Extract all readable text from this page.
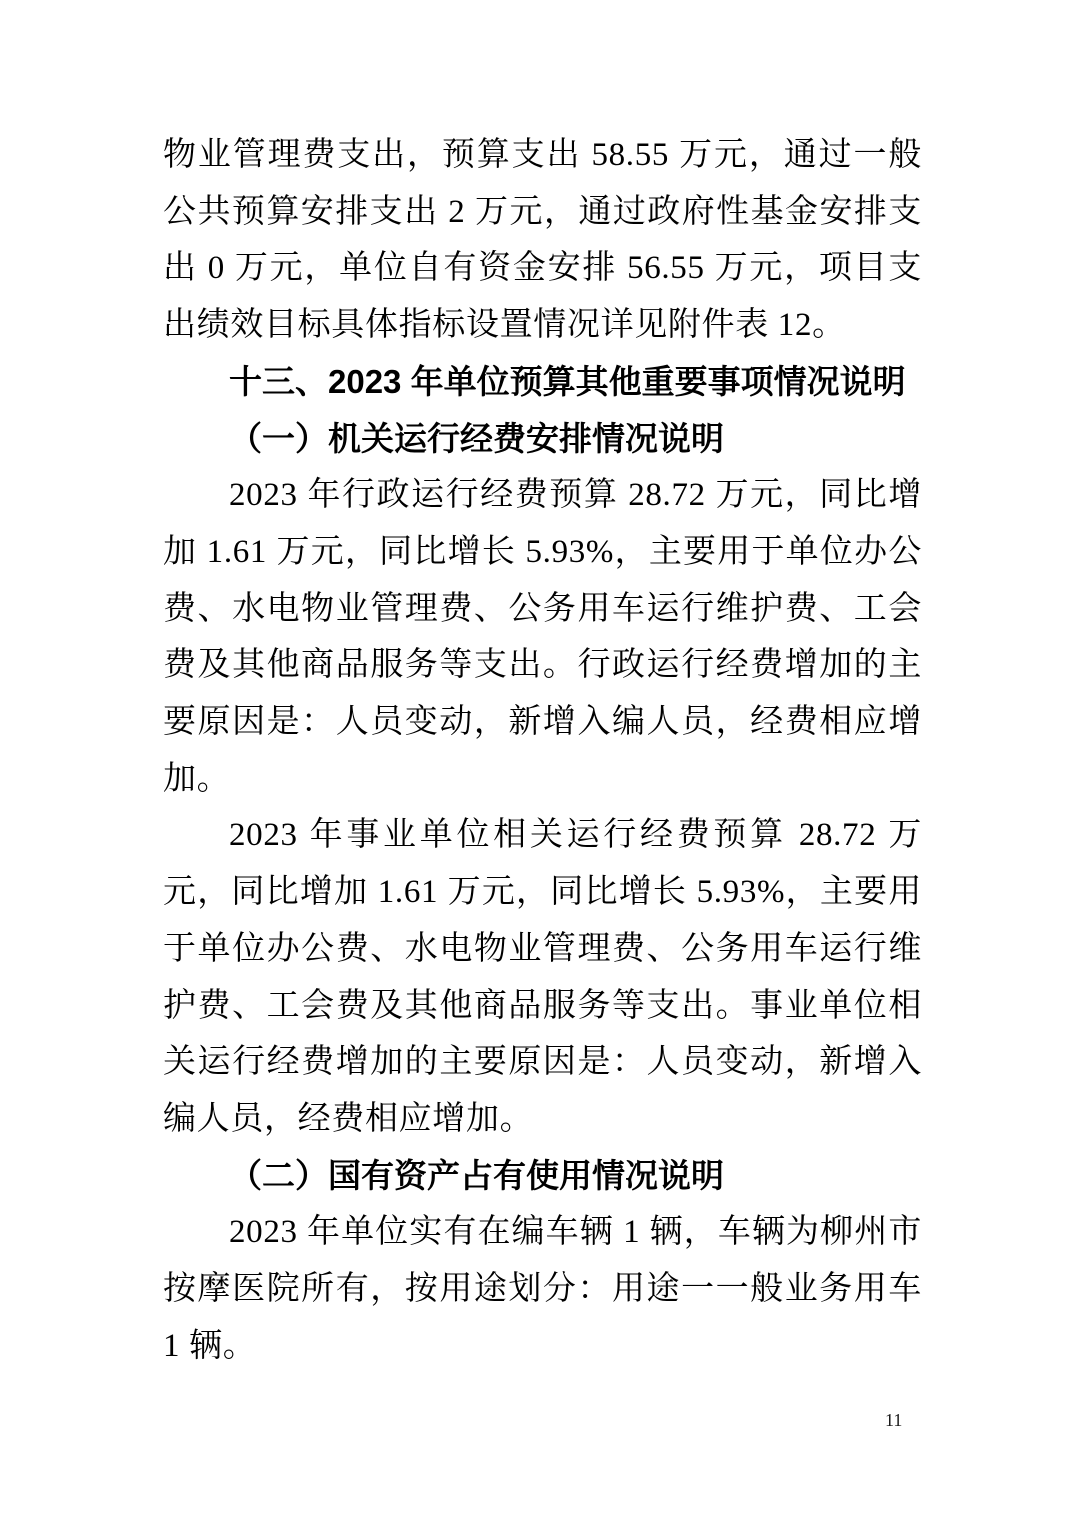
物业管理费支出，预算支出 58.55 万元，通过一般公共预算安排支出 2 万元，通过政府性基金安排支出 0 万元，单位自有资金安排 56.55 万元，项目支出绩效目标具体指标设置情况详见附件表 12。

十三、2023 年单位预算其他重要事项情况说明

（一）机关运行经费安排情况说明

2023 年行政运行经费预算 28.72 万元，同比增加 1.61 万元，同比增长 5.93%，主要用于单位办公费、水电物业管理费、公务用车运行维护费、工会费及其他商品服务等支出。行政运行经费增加的主要原因是：人员变动，新增入编人员，经费相应增加。

2023 年事业单位相关运行经费预算 28.72 万元，同比增加 1.61 万元，同比增长 5.93%，主要用于单位办公费、水电物业管理费、公务用车运行维护费、工会费及其他商品服务等支出。事业单位相关运行经费增加的主要原因是：人员变动，新增入编人员，经费相应增加。

（二）国有资产占有使用情况说明

2023 年单位实有在编车辆 1 辆，车辆为柳州市按摩医院所有，按用途划分：用途一一般业务用车 1 辆。

11
